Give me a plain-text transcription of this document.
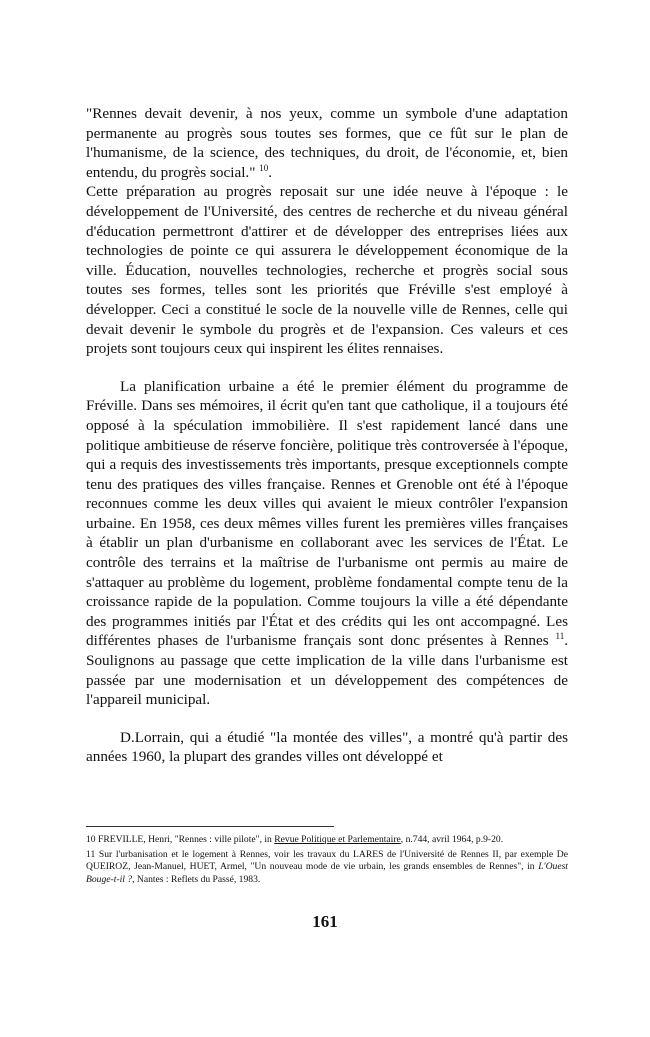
"Rennes devait devenir, à nos yeux, comme un symbole d'une adaptation permanente au progrès sous toutes ses formes, que ce fût sur le plan de l'humanisme, de la science, des techniques, du droit, de l'économie, et, bien entendu, du progrès social." $^{10}$.

Cette préparation au progrès reposait sur une idée neuve à l'époque : le développement de l'Université, des centres de recherche et du niveau général d'éducation permettront d'attirer et de développer des entreprises liées aux technologies de pointe ce qui assurera le développement économique de la ville. Éducation, nouvelles technologies, recherche et progrès social sous toutes ses formes, telles sont les priorités que Fréville s'est employé à développer. Ceci a constitué le socle de la nouvelle ville de Rennes, celle qui devait devenir le symbole du progrès et de l'expansion. Ces valeurs et ces projets sont toujours ceux qui inspirent les élites rennaises.

La planification urbaine a été le premier élément du programme de Fréville. Dans ses mémoires, il écrit qu'en tant que catholique, il a toujours été opposé à la spéculation immobilière. Il s'est rapidement lancé dans une politique ambitieuse de réserve foncière, politique très controversée à l'époque, qui a requis des investissements très importants, presque exceptionnels compte tenu des pratiques des villes française. Rennes et Grenoble ont été à l'époque reconnues comme les deux villes qui avaient le mieux contrôler l'expansion urbaine. En 1958, ces deux mêmes villes furent les premières villes françaises à établir un plan d'urbanisme en collaborant avec les services de l'État. Le contrôle des terrains et la maîtrise de l'urbanisme ont permis au maire de s'attaquer au problème du logement, problème fondamental compte tenu de la croissance rapide de la population. Comme toujours la ville a été dépendante des programmes initiés par l'État et des crédits qui les ont accompagné. Les différentes phases de l'urbanisme français sont donc présentes à Rennes $^{11}$. Soulignons au passage que cette implication de la ville dans l'urbanisme est passée par une modernisation et un développement des compétences de l'appareil municipal.

D.Lorrain, qui a étudié "la montée des villes", a montré qu'à partir des années 1960, la plupart des grandes villes ont développé et

10 FREVILLE, Henri, "Rennes : ville pilote", in Revue Politique et Parlementaire, n.744, avril 1964, p.9-20.

11 Sur l'urbanisation et le logement à Rennes, voir les travaux du LARES de l'Université de Rennes II, par exemple De QUEIROZ, Jean-Manuel, HUET, Armel, "Un nouveau mode de vie urbain, les grands ensembles de Rennes", in L'Ouest Bouge-t-il ?, Nantes : Reflets du Passé, 1983.

161
